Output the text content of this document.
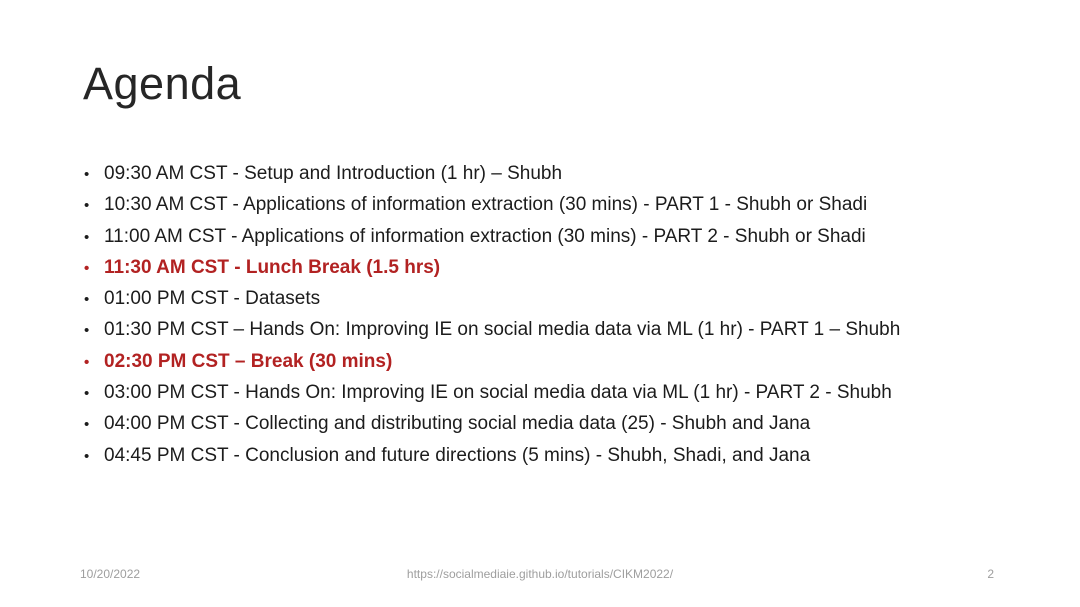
Agenda
• 09:30 AM CST - Setup and Introduction (1 hr) – Shubh
• 10:30 AM CST - Applications of information extraction (30 mins) - PART 1 - Shubh or Shadi
• 11:00 AM CST - Applications of information extraction (30 mins) - PART 2 - Shubh or Shadi
• 11:30 AM CST - Lunch Break (1.5 hrs)
• 01:00 PM CST - Datasets
• 01:30 PM CST – Hands On: Improving IE on social media data via ML (1 hr) - PART 1 – Shubh
• 02:30 PM CST – Break (30 mins)
• 03:00 PM CST - Hands On: Improving IE on social media data via ML (1 hr) - PART 2 - Shubh
• 04:00 PM CST - Collecting and distributing social media data (25) - Shubh and Jana
• 04:45 PM CST - Conclusion and future directions (5 mins) - Shubh, Shadi, and Jana
10/20/2022	https://socialmediaie.github.io/tutorials/CIKM2022/	2
